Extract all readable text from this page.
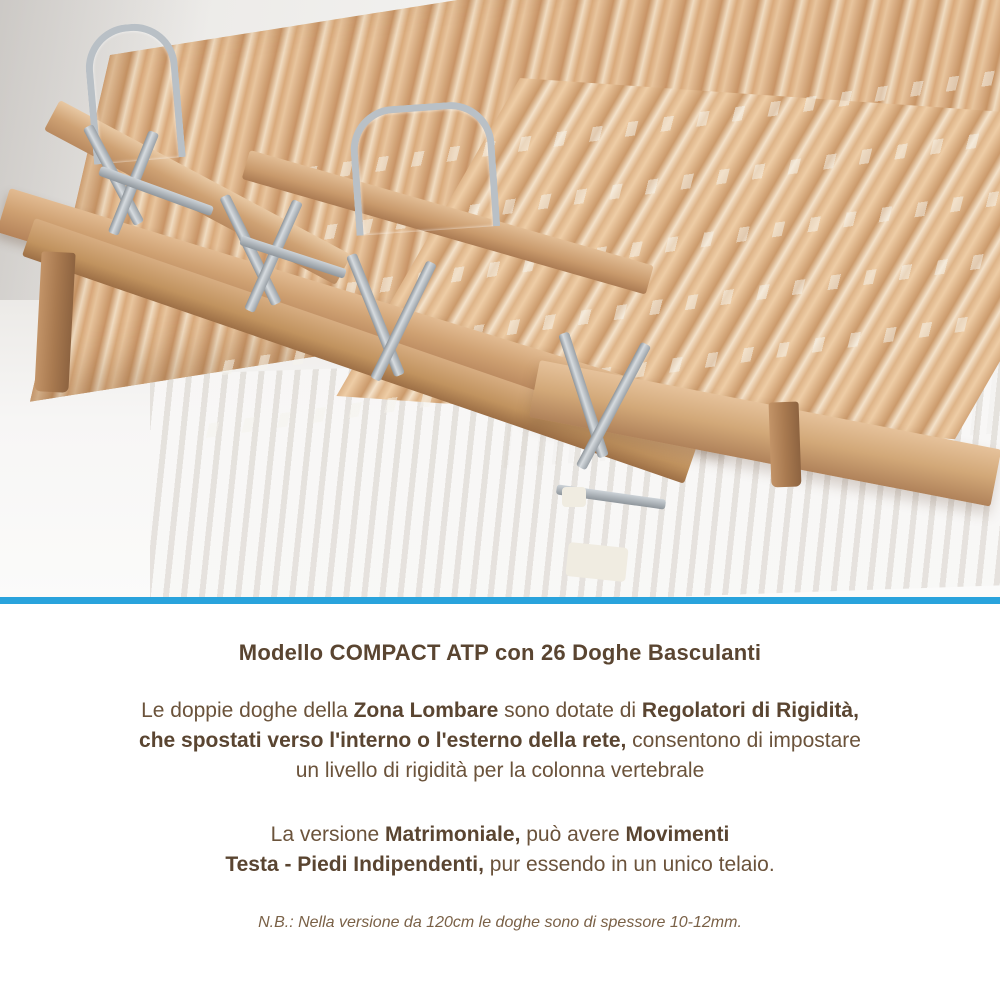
Modello COMPACT ATP con 26 Doghe Basculanti
Le doppie doghe della Zona Lombare sono dotate di Regolatori di Rigidità,
che spostati verso l'interno o l'esterno della rete, consentono di impostare
un livello di rigidità per la colonna vertebrale
La versione Matrimoniale, può avere Movimenti
Testa - Piedi Indipendenti, pur essendo in un unico telaio.
N.B.: Nella versione da 120cm le doghe sono di spessore 10-12mm.
